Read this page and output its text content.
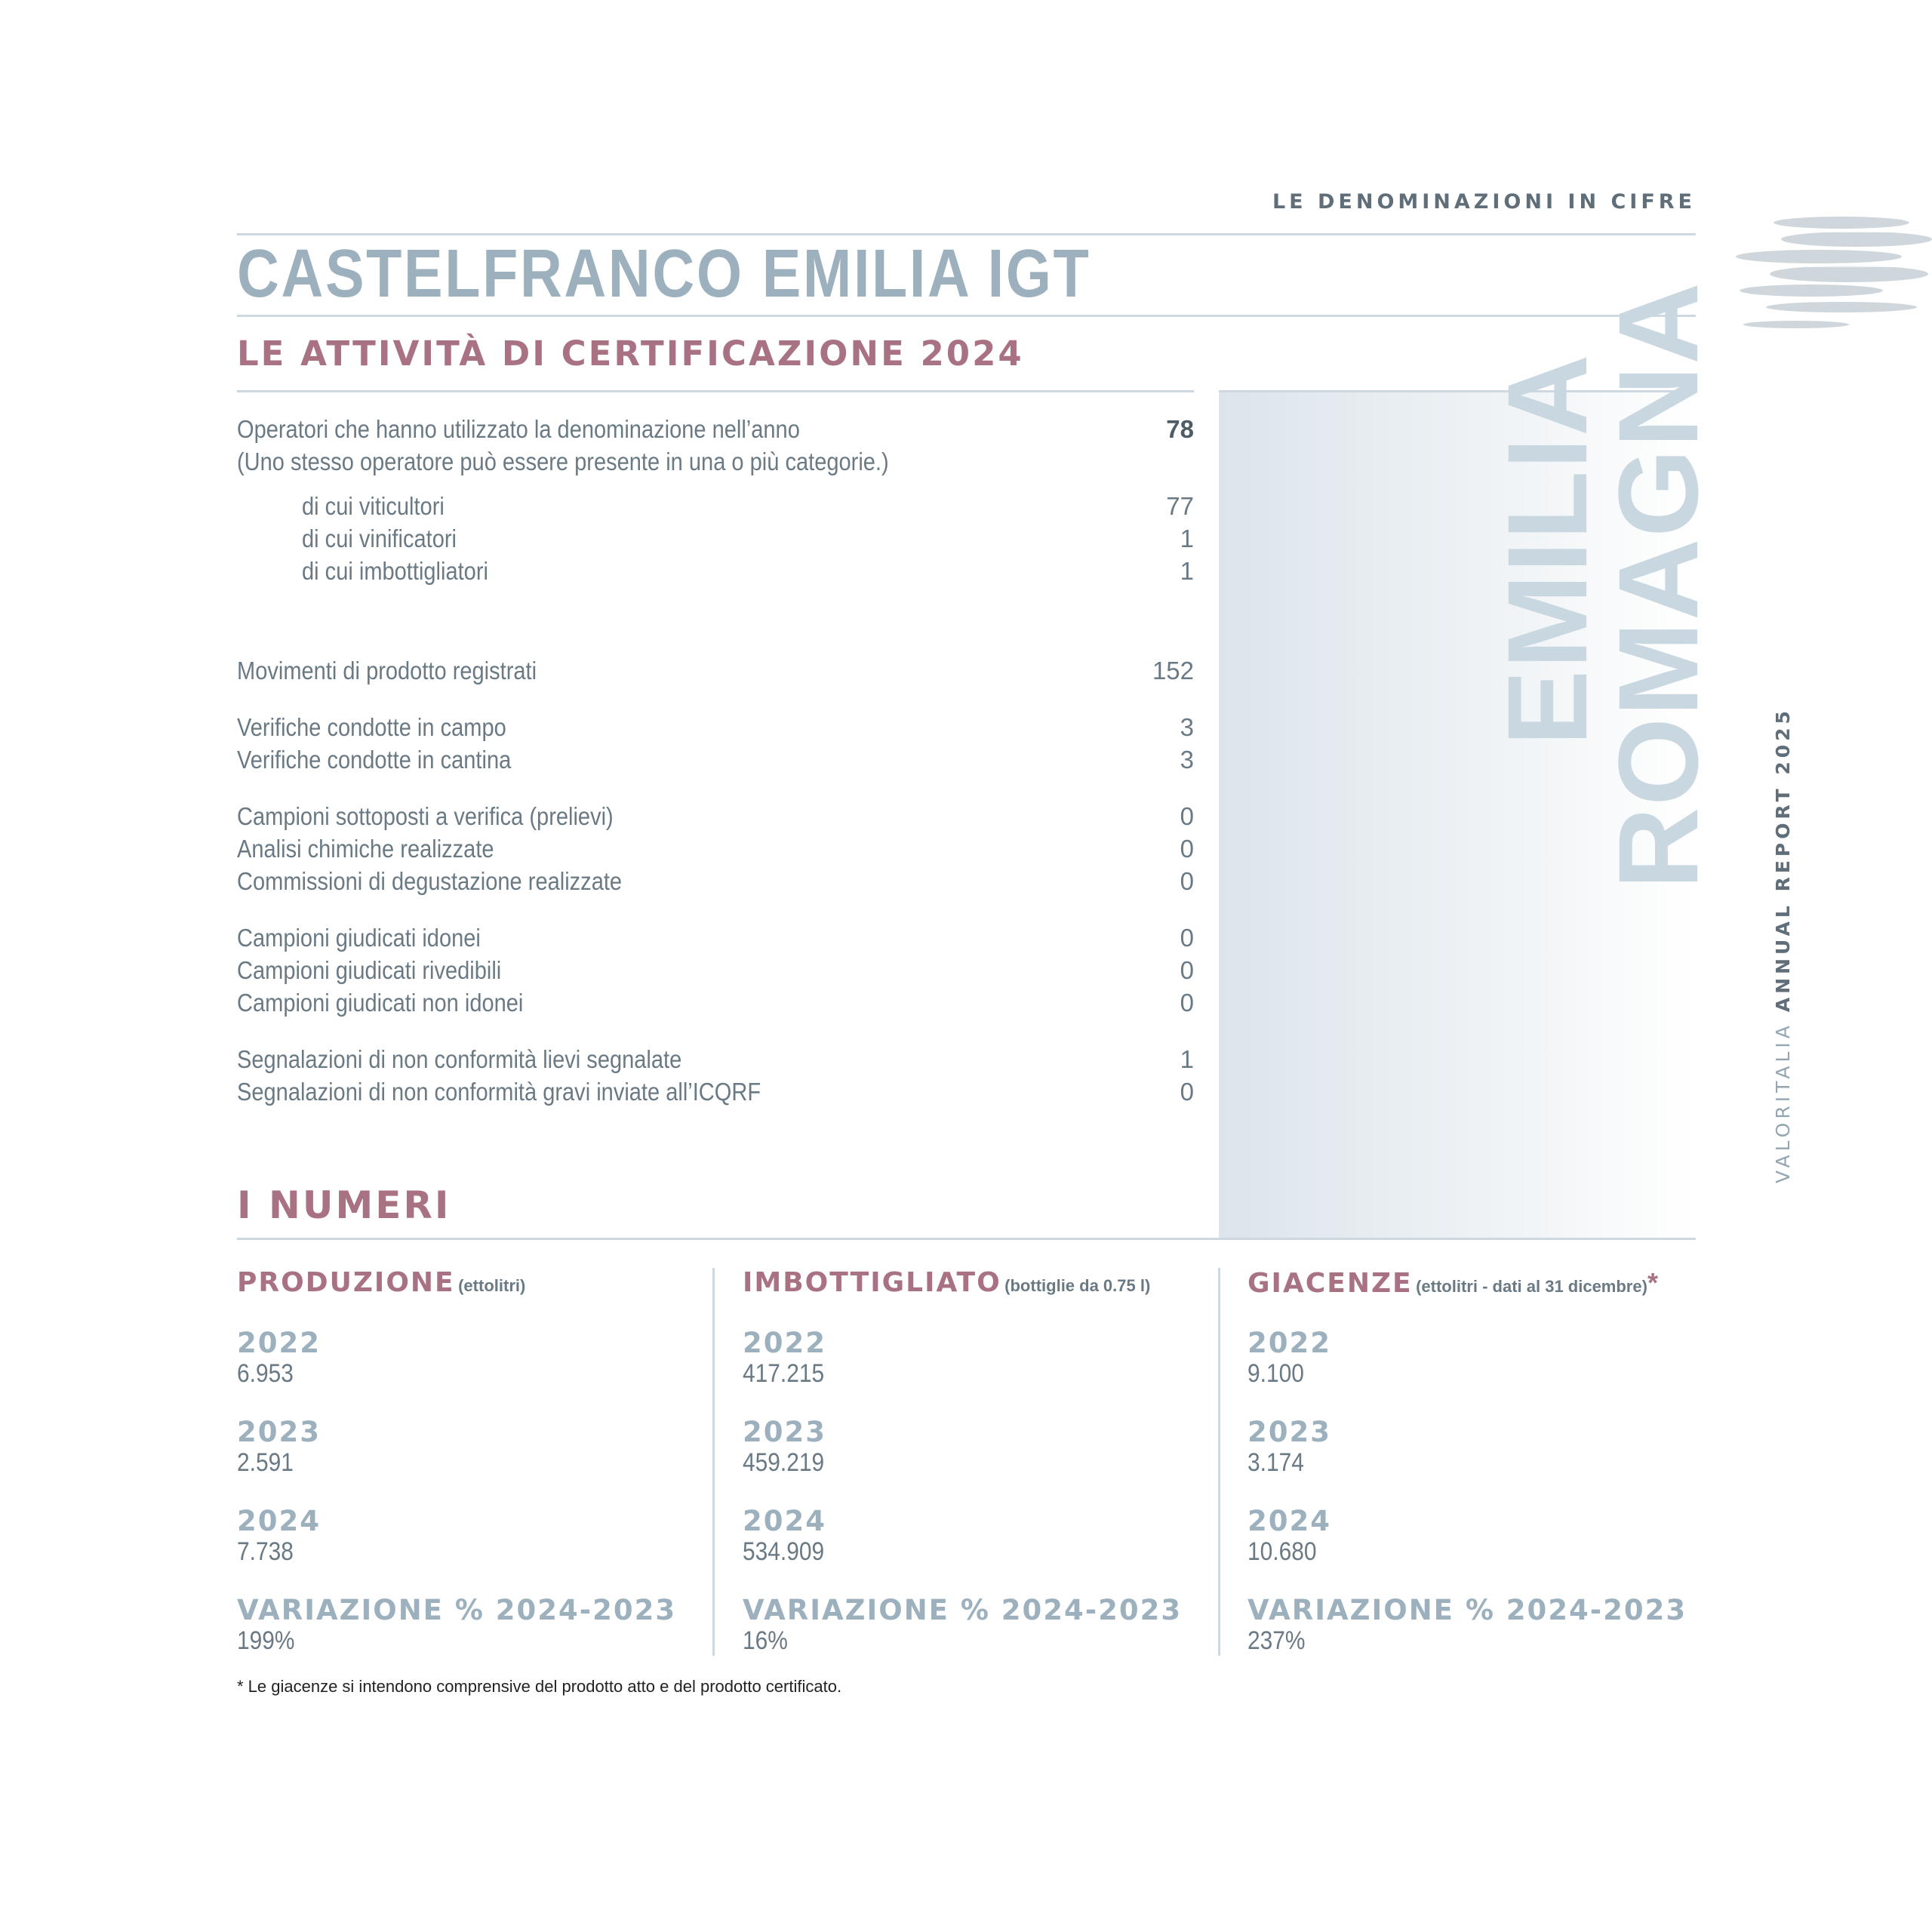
LE DENOMINAZIONI IN CIFRE
CASTELFRANCO EMILIA IGT
LE ATTIVITÀ DI CERTIFICAZIONE 2024	EMILIA
ROMAGNA
VALORITALIA ANNUAL REPORT 2025
Operatori che hanno utilizzato la denominazione nell’anno	78
(Uno stesso operatore può essere presente in una o più categorie.)
di cui viticultori	77
di cui vinificatori	1
di cui imbottigliatori	1
Movimenti di prodotto registrati	152
Verifiche condotte in campo	3
Verifiche condotte in cantina	3
Campioni sottoposti a verifica (prelievi)	0
Analisi chimiche realizzate	0
Commissioni di degustazione realizzate	0
Campioni giudicati idonei	0
Campioni giudicati rivedibili	0
Campioni giudicati non idonei	0
Segnalazioni di non conformità lievi segnalate	1
Segnalazioni di non conformità gravi inviate all’ICQRF	0
I NUMERI
PRODUZIONE (ettolitri)
2022
6.953
2023
2.591
2024
7.738
VARIAZIONE % 2024-2023
199%
IMBOTTIGLIATO (bottiglie da 0.75 l)
2022
417.215
2023
459.219
2024
534.909
VARIAZIONE % 2024-2023
16%
GIACENZE (ettolitri - dati al 31 dicembre)*
2022
9.100
2023
3.174
2024
10.680
VARIAZIONE % 2024-2023
237%
* Le giacenze si intendono comprensive del prodotto atto e del prodotto certificato.
